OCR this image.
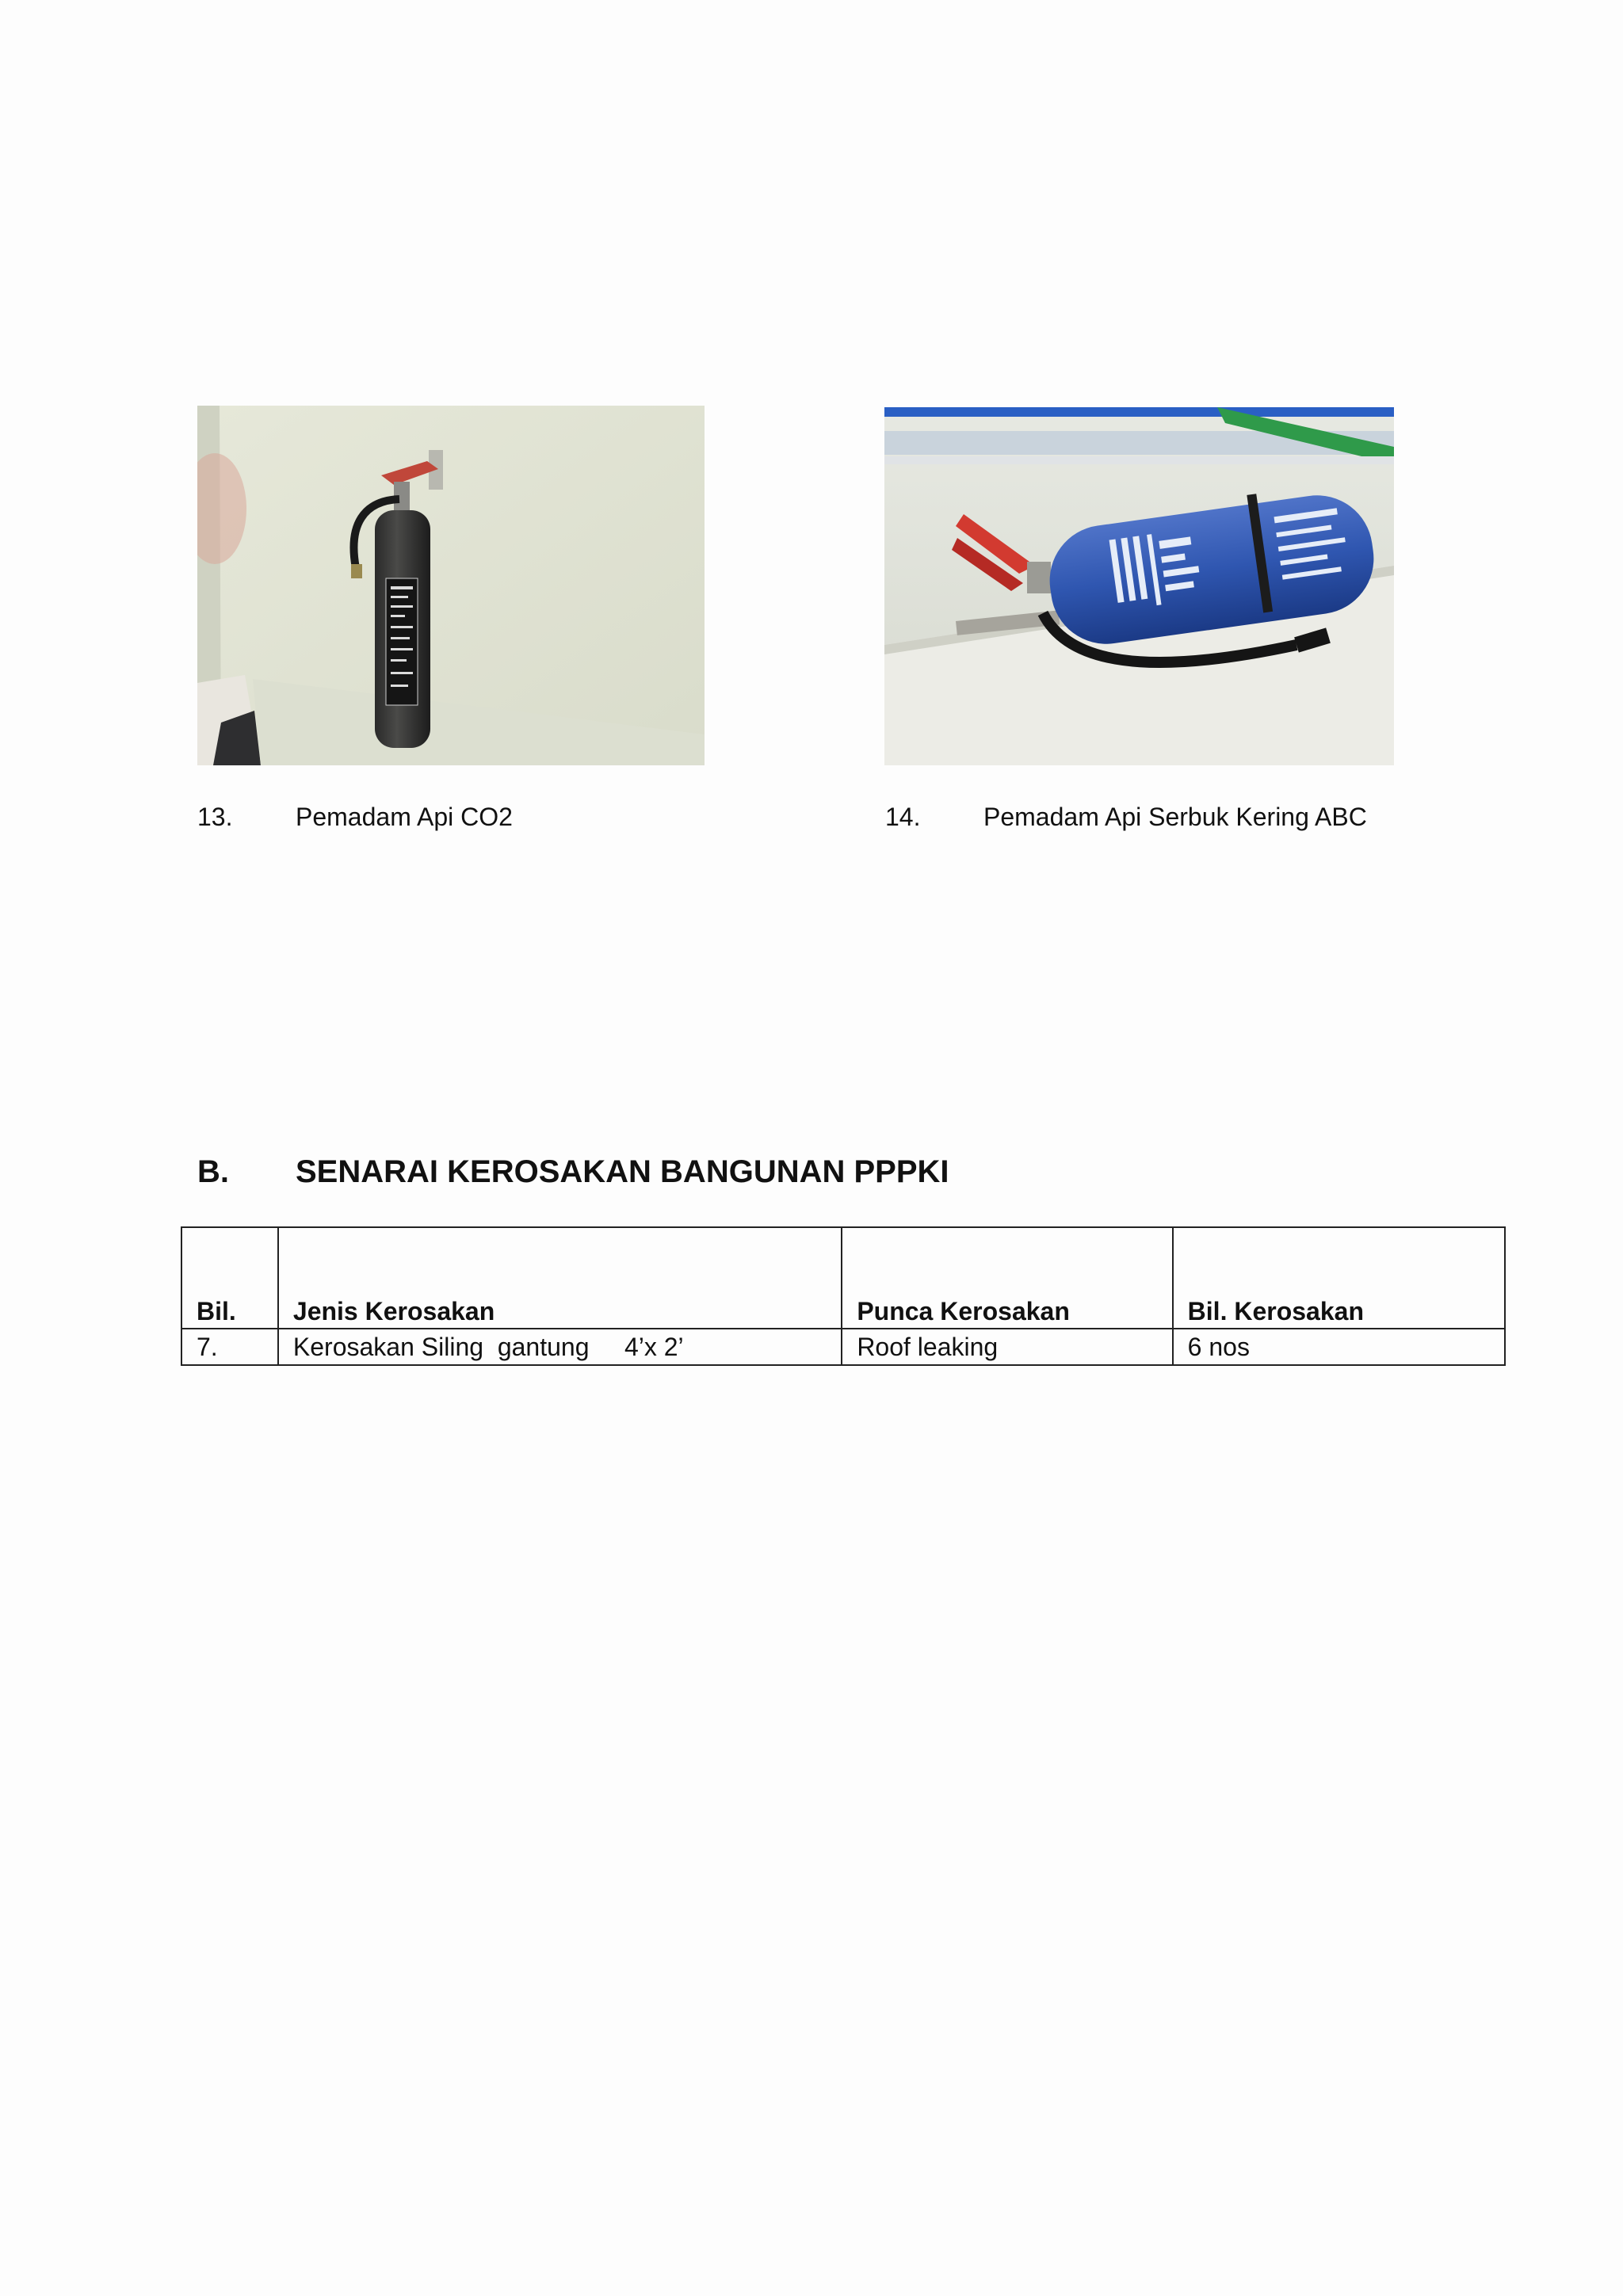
13. Pemadam Api CO2	14. Pemadam Api Serbuk Kering ABC
B. SENARAI KEROSAKAN BANGUNAN PPPKI
Bil.	Jenis Kerosakan	Punca Kerosakan	Bil. Kerosakan
7.	Kerosakan Siling  gantung     4’x 2’	Roof leaking	6 nos
